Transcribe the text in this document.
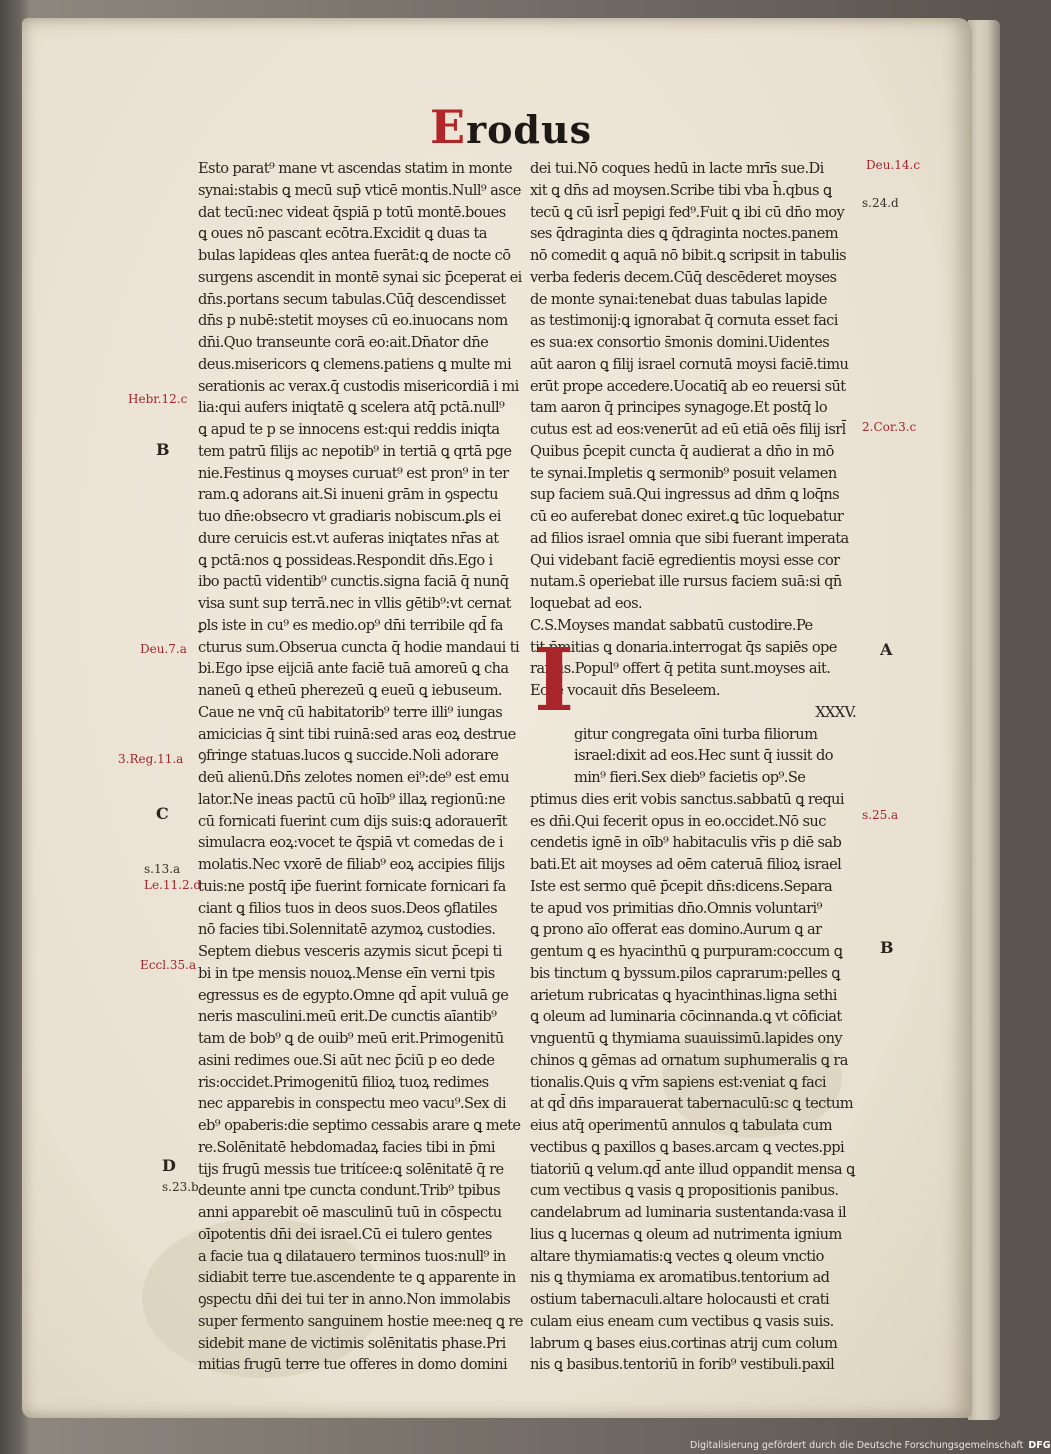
Erodus
Esto parat⁹ mane vt ascendas statim in monte
synai:stabis ꝗ mecū sup̄ vticē montis.Null⁹ asce
dat tecū:nec videat q̄spiā p totū montē.boues
ꝗ oues nō pascant ecōtra.Excidit ꝗ duas ta
bulas lapideas qles antea fuerāt:ꝗ de nocte cō
surgens ascendit in montē synai sic p̄ceperat ei
dn̄s.portans secum tabulas.Cūq̄ descendisset
dn̄s p nubē:stetit moyses cū eo.inuocans nom
dn̄i.Quo transeunte corā eo:ait.Dn̄ator dn̄e
deus.misericors ꝗ clemens.patiens ꝗ multe mi
serationis ac verax.q̄ custodis misericordiā i mi
lia:qui aufers iniqtatē ꝗ scelera atq̄ pctā.null⁹
ꝗ apud te p se innocens est:qui reddis iniqta
tem patrū filijs ac nepotib⁹ in tertiā ꝗ qrtā pge
nie.Festinus ꝗ moyses curuat⁹ est pron⁹ in ter
ram.ꝗ adorans ait.Si inueni grām in ꝯspectu
tuo dn̄e:obsecro vt gradiaris nobiscum.ꝑls ei
dure ceruicis est.vt auferas iniqtates nr̄as at
ꝗ pctā:nos ꝗ possideas.Respondit dn̄s.Ego i
ibo pactū videntib⁹ cunctis.signa faciā q̄ nunq̄
visa sunt sup terrā.nec in vllis gētib⁹:vt cernat
ꝑls iste in cu⁹ es medio.op⁹ dn̄i terribile qd̄ fa
cturus sum.Obserua cuncta q̄ hodie mandaui ti
bi.Ego ipse eijciā ante faciē tuā amoreū ꝗ cha
naneū ꝗ etheū pherezeū ꝗ eueū ꝗ iebuseum.
Caue ne vnq̄ cū habitatorib⁹ terre illi⁹ iungas
amicicias q̄ sint tibi ruinā:sed aras eoꝝ destrue
ꝯfringe statuas.lucos ꝗ succide.Noli adorare
deū alienū.Dn̄s zelotes nomen ei⁹:de⁹ est emu
lator.Ne ineas pactū cū hoīb⁹ illaꝝ regionū:ne
cū fornicati fuerint cum dijs suis:ꝗ adorauerīt
simulacra eoꝝ:vocet te q̄spiā vt comedas de i
molatis.Nec vxorē de filiab⁹ eoꝝ accipies filijs
tuis:ne postq̄ ip̄e fuerint fornicate fornicari fa
ciant ꝗ filios tuos in deos suos.Deos ꝯflatiles
nō facies tibi.Solennitatē azymoꝝ custodies.
Septem diebus vesceris azymis sicut p̄cepi ti
bi in tpe mensis nouoꝝ.Mense eīn verni tpis
egressus es de egypto.Omne qd̄ apit vuluā ge
neris masculini.meū erit.De cunctis aīantib⁹
tam de bob⁹ ꝗ de ouib⁹ meū erit.Primogenitū
asini redimes oue.Si aūt nec p̄ciū p eo dede
ris:occidet.Primogenitū filioꝝ tuoꝝ redimes
nec apparebis in conspectu meo vacu⁹.Sex di
eb⁹ opaberis:die septimo cessabis arare ꝗ mete
re.Solēnitatē hebdomadaꝝ facies tibi in p̄mi
tijs frugū messis tue tritícee:ꝗ solēnitatē q̄ re
deunte anni tpe cuncta condunt.Trib⁹ tpibus
anni apparebit oē masculinū tuū in cōspectu
oīpotentis dn̄i dei israel.Cū ei tulero gentes
a facie tua ꝗ dilatauero terminos tuos:null⁹ in
sidiabit terre tue.ascendente te ꝗ apparente in
ꝯspectu dn̄i dei tui ter in anno.Non immolabis
super fermento sanguinem hostie mee:neq ꝗ re
sidebit mane de victimis solēnitatis phase.Pri
mitias frugū terre tue offeres in domo domini
dei tui.Nō coques hedū in lacte mrīs sue.Di
xit ꝗ dn̄s ad moysen.Scribe tibi vba h̄.qbus ꝗ
tecū ꝗ cū isrl̄ pepigi fed⁹.Fuit ꝗ ibi cū dn̄o moy
ses q̄draginta dies ꝗ q̄draginta noctes.panem
nō comedit ꝗ aquā nō bibit.ꝗ scripsit in tabulis
verba federis decem.Cūq̄ descēderet moyses
de monte synai:tenebat duas tabulas lapide
as testimonij:ꝗ ignorabat q̄ cornuta esset faci
es sua:ex consortio s̄monis domini.Uidentes
aūt aaron ꝗ filij israel cornutā moysi faciē.timu
erūt prope accedere.Uocatiq̄ ab eo reuersi sūt
tam aaron q̄ principes synagoge.Et postq̄ lo
cutus est ad eos:venerūt ad eū etiā oēs filij isrl̄
Quibus p̄cepit cuncta q̄ audierat a dn̄o in mō
te synai.Impletis ꝗ sermonib⁹ posuit velamen
sup faciem suā.Qui ingressus ad dn̄m ꝗ loq̄ns
cū eo auferebat donec exiret.ꝗ tūc loquebatur
ad filios israel omnia que sibi fuerant imperata
Qui videbant faciē egredientis moysi esse cor
nutam.s̄ operiebat ille rursus faciem suā:si qn̄
loquebat ad eos.
C.S.Moyses mandat sabbatū custodire.Pe
tit p̄mitias ꝗ donaria.interrogat q̄s sapiēs ope
rarius.Popul⁹ offert q̄ petita sunt.moyses ait.
Ecce vocauit dn̄s Beseleem.
XXXV.
gitur congregata oīni turba filiorum
israel:dixit ad eos.Hec sunt q̄ iussit do
min⁹ fieri.Sex dieb⁹ facietis op⁹.Se
ptimus dies erit vobis sanctus.sabbatū ꝗ requi
es dn̄i.Qui fecerit opus in eo.occidet.Nō suc
cendetis ignē in oīb⁹ habitaculis vr̄is p diē sab
bati.Et ait moyses ad oēm cateruā filioꝝ israel
Iste est sermo quē p̄cepit dn̄s:dicens.Separa
te apud vos primitias dn̄o.Omnis voluntari⁹
ꝗ prono aīo offerat eas domino.Aurum ꝗ ar
gentum ꝗ es hyacinthū ꝗ purpuram:coccum ꝗ
bis tinctum ꝗ byssum.pilos caprarum:pelles ꝗ
arietum rubricatas ꝗ hyacinthinas.ligna sethi
ꝗ oleum ad luminaria cōcinnanda.ꝗ vt cōficiat
vnguentū ꝗ thymiama suauissimū.lapides ony
chinos ꝗ gēmas ad ornatum suphumeralis ꝗ ra
tionalis.Quis ꝗ vr̄m sapiens est:veniat ꝗ faci
at qd̄ dn̄s imparauerat tabernaculū:sc ꝗ tectum
eius atq̄ operimentū annulos ꝗ tabulata cum
vectibus ꝗ paxillos ꝗ bases.arcam ꝗ vectes.ppi
tiatoriū ꝗ velum.qd̄ ante illud oppandit mensa ꝗ
cum vectibus ꝗ vasis ꝗ propositionis panibus.
candelabrum ad luminaria sustentanda:vasa il
lius ꝗ lucernas ꝗ oleum ad nutrimenta ignium
altare thymiamatis:ꝗ vectes ꝗ oleum vnctio
nis ꝗ thymiama ex aromatibus.tentorium ad
ostium tabernaculi.altare holocausti et crati
culam eius eneam cum vectibus ꝗ vasis suis.
labrum ꝗ bases eius.cortinas atrij cum colum
nis ꝗ basibus.tentoriū in forib⁹ vestibuli.paxil
I
Hebr.12.c
Deu.7.a
3.Reg.11.a
s.13.a
Le.11.2.d
Eccl.35.a
s.23.b
Deu.14.c
s.24.d
2.Cor.3.c
s.25.a
B
C
D
A
B
Digitalisierung gefördert durch die Deutsche Forschungsgemeinschaft DFG
